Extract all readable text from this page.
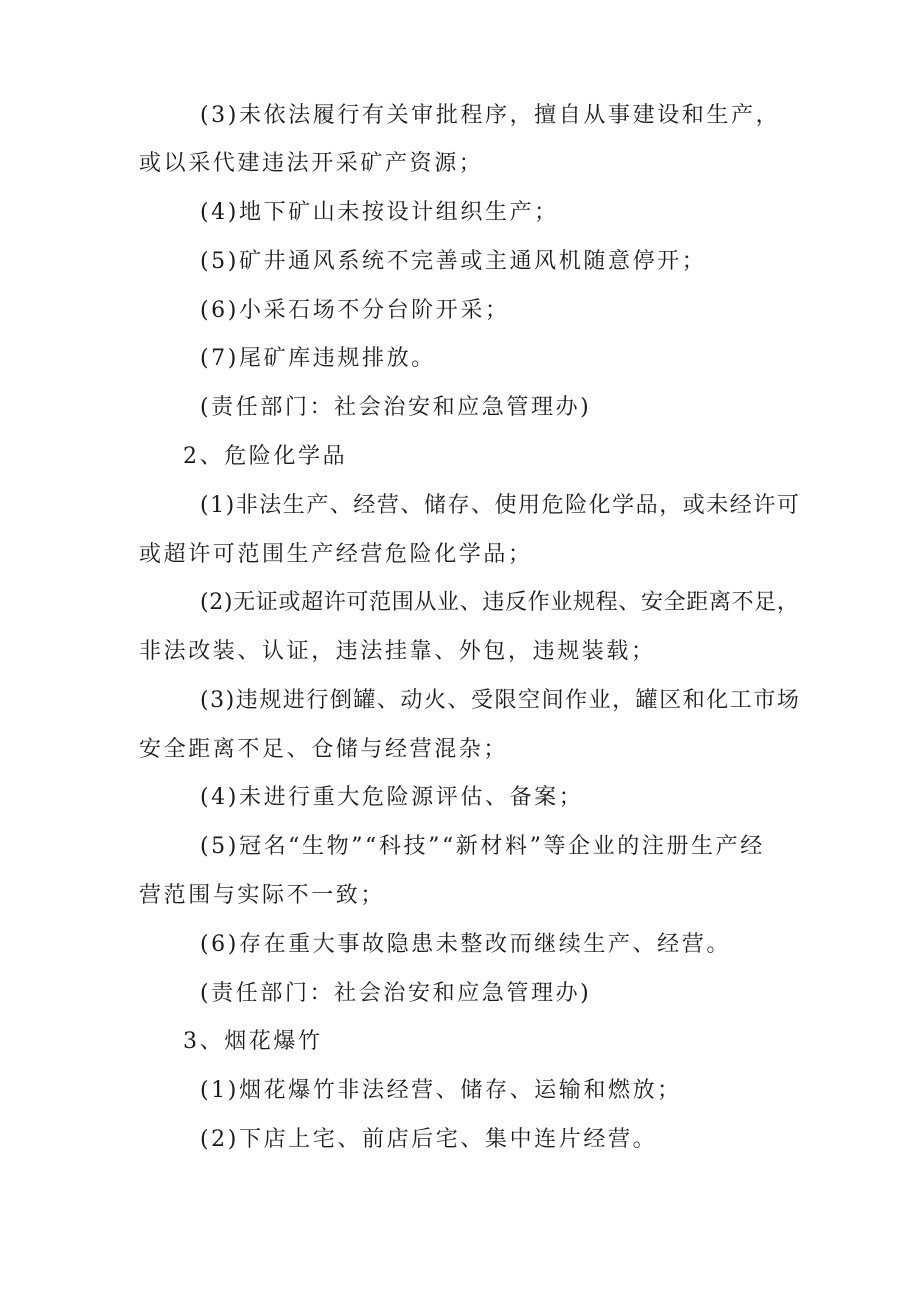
(3)未依法履行有关审批程序，擅自从事建设和生产，
或以采代建违法开采矿产资源；
(4)地下矿山未按设计组织生产；
(5)矿井通风系统不完善或主通风机随意停开；
(6)小采石场不分台阶开采；
(7)尾矿库违规排放。
(责任部门：社会治安和应急管理办)
2、危险化学品
(1)非法生产、经营、储存、使用危险化学品，或未经许可
或超许可范围生产经营危险化学品；
(2)无证或超许可范围从业、违反作业规程、安全距离不足，
非法改装、认证，违法挂靠、外包，违规装载；
(3)违规进行倒罐、动火、受限空间作业，罐区和化工市场
安全距离不足、仓储与经营混杂；
(4)未进行重大危险源评估、备案；
(5)冠名“生物”“科技”“新材料”等企业的注册生产经
营范围与实际不一致；
(6)存在重大事故隐患未整改而继续生产、经营。
(责任部门：社会治安和应急管理办)
3、烟花爆竹
(1)烟花爆竹非法经营、储存、运输和燃放；
(2)下店上宅、前店后宅、集中连片经营。
